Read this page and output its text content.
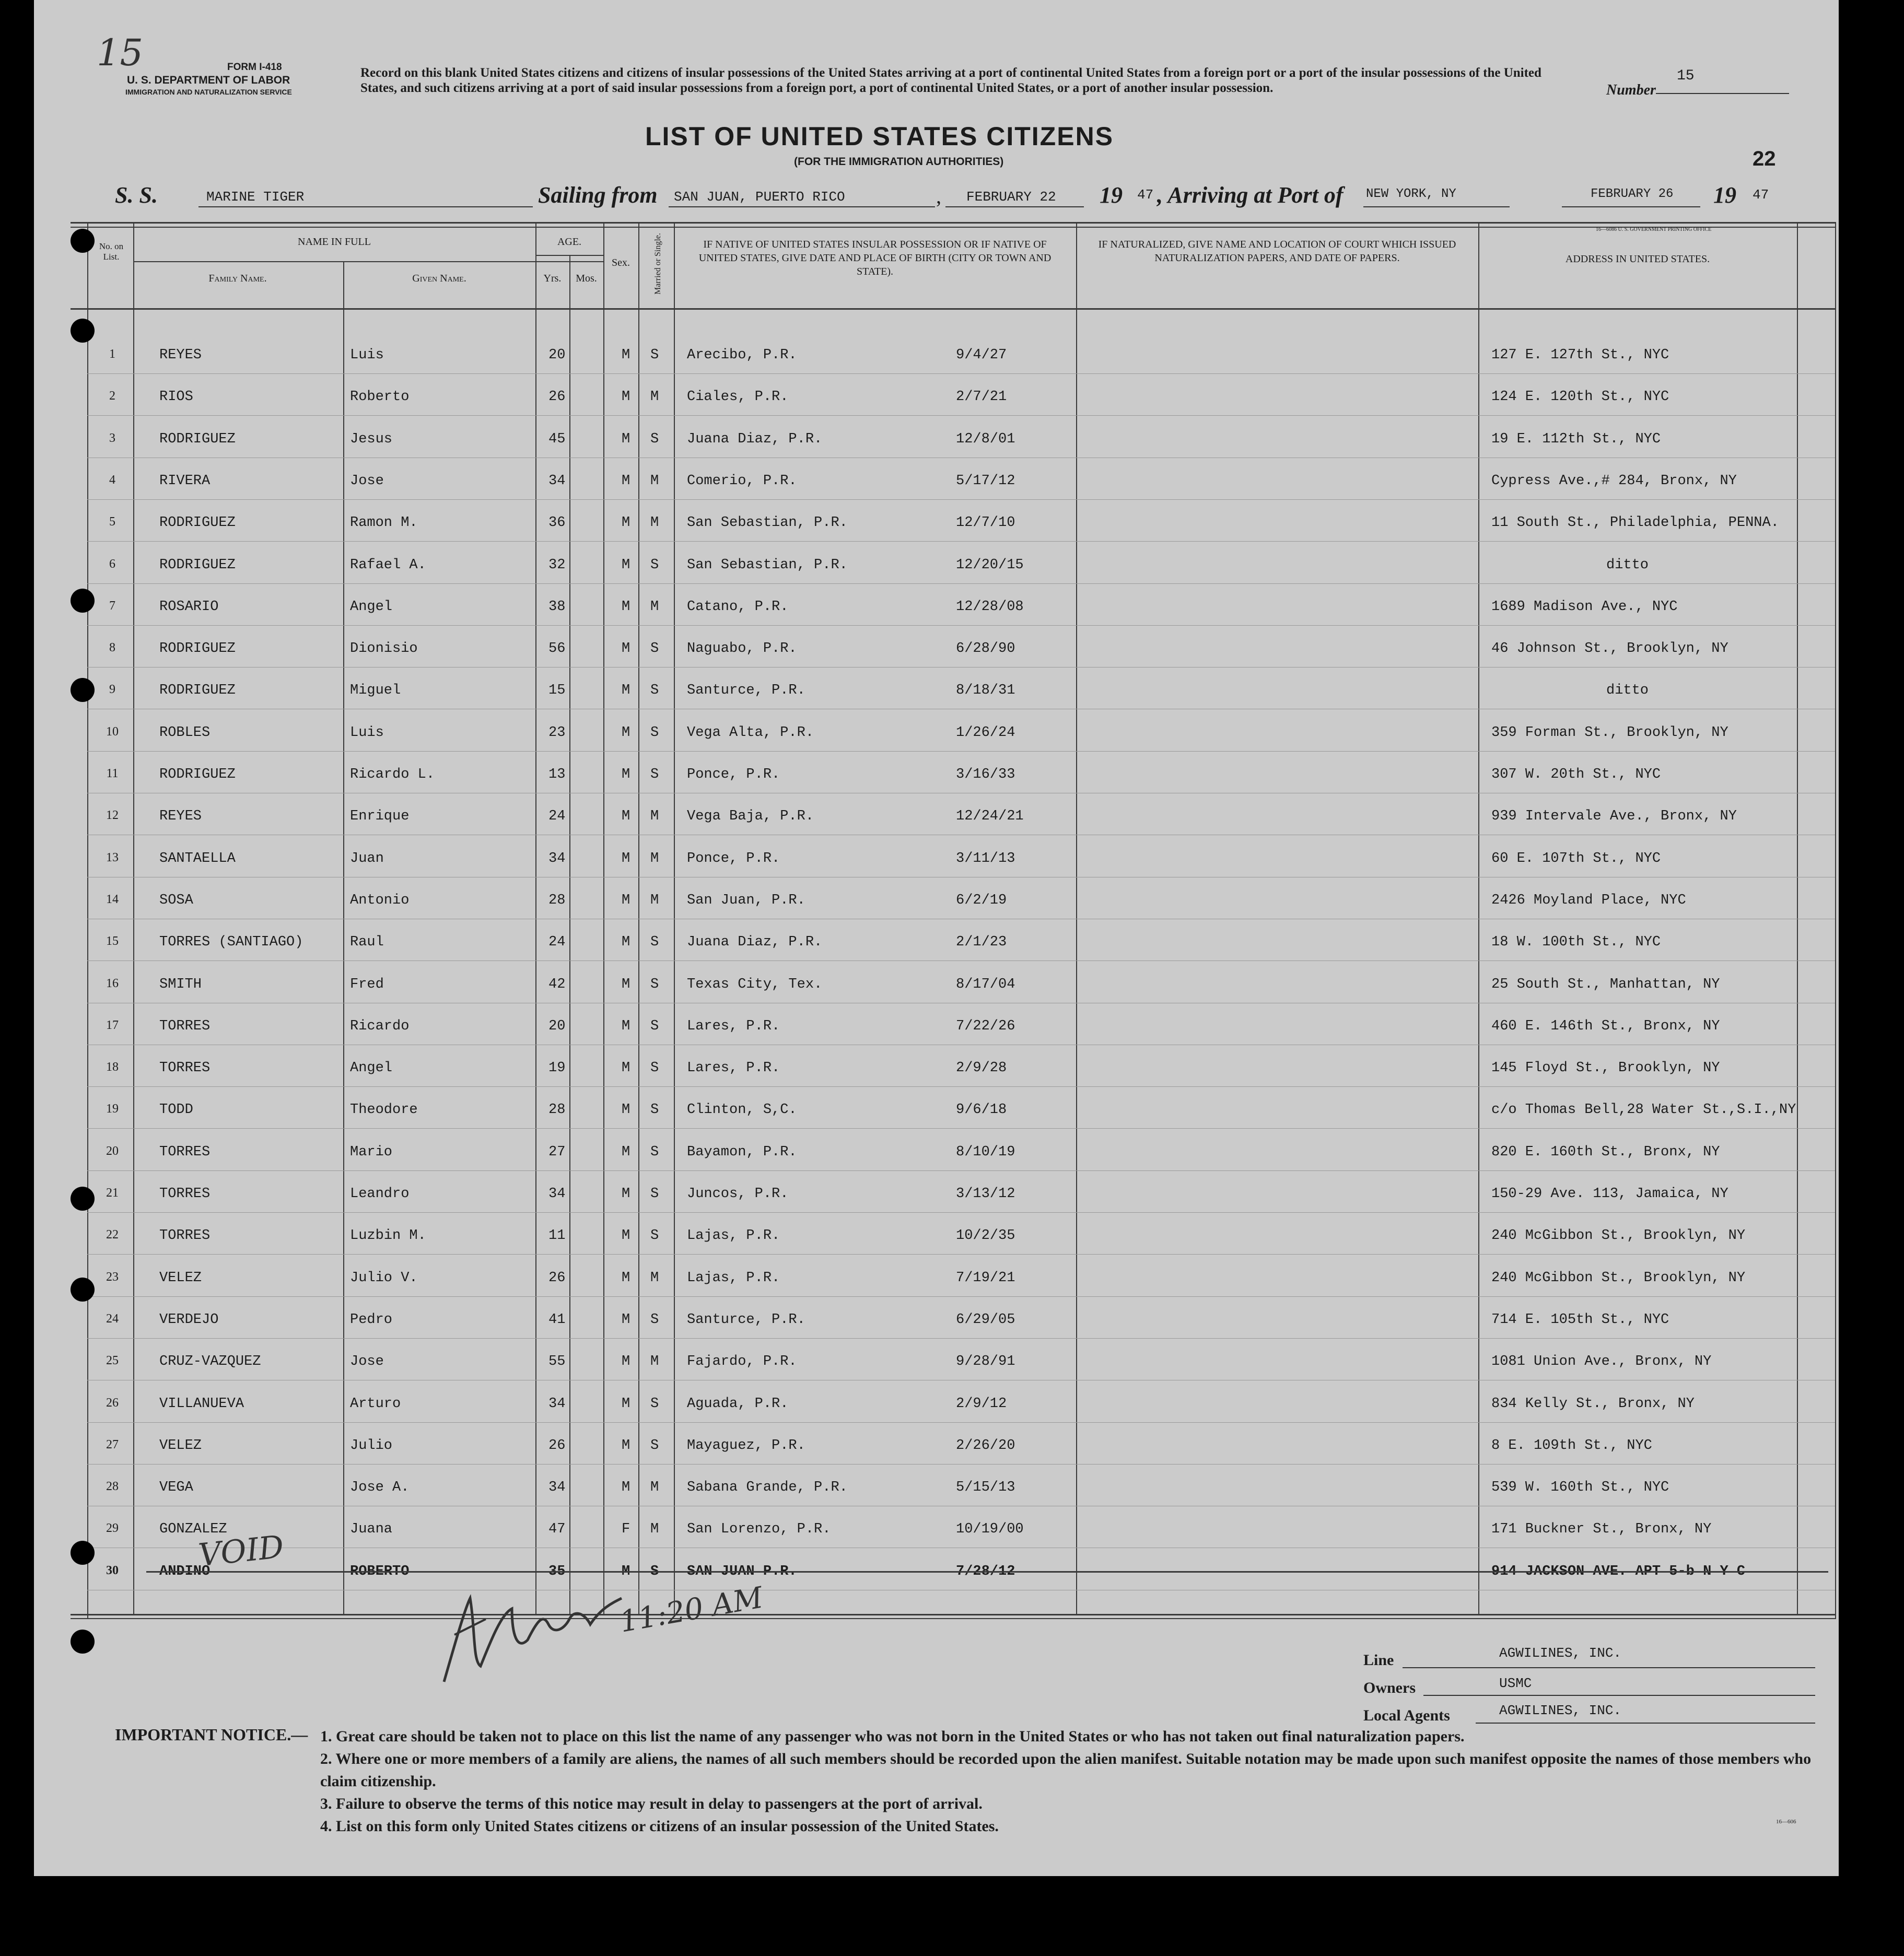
15	FORM I-418
U. S. DEPARTMENT OF LABOR
IMMIGRATION AND NATURALIZATION SERVICE
Record on this blank United States citizens and citizens of insular possessions of the United States arriving at a port of continental United States from a foreign port or a port of the insular possessions of the United States, and such citizens arriving at a port of said insular possessions from a foreign port, a port of continental United States, or a port of another insular possession.	Number
15
LIST OF UNITED STATES CITIZENS
(FOR THE IMMIGRATION AUTHORITIES)	22
S. S.	MARINE TIGER	Sailing from SAN JUAN, PUERTO RICO	, FEBRUARY 22 19 47 , Arriving at Port of NEW YORK, NY	FEBRUARY 26 19 47
No. on List.
NAME IN FULL
Family Name.	Given Name.
AGE.
Yrs.	Mos.
Sex.	Married or Single.	IF NATIVE OF UNITED STATES INSULAR POSSESSION OR IF NATIVE OF UNITED STATES, GIVE DATE AND PLACE OF BIRTH (CITY OR TOWN AND STATE).
IF NATURALIZED, GIVE NAME AND LOCATION OF COURT WHICH ISSUED NATURALIZATION PAPERS, AND DATE OF PAPERS.	ADDRESS IN UNITED STATES.
16—6086 U. S. GOVERNMENT PRINTING OFFICE
1	REYES	Luis	20	M S Arecibo, P.R.	9/4/27	127 E. 127th St., NYC
2	RIOS	Roberto	26	M M Ciales, P.R.	2/7/21	124 E. 120th St., NYC
3	RODRIGUEZ	Jesus	45	M S Juana Diaz, P.R.	12/8/01	19 E. 112th St., NYC
4	RIVERA	Jose	34	M M Comerio, P.R.	5/17/12	Cypress Ave.,# 284, Bronx, NY
5	RODRIGUEZ	Ramon M.	36	M M San Sebastian, P.R.	12/7/10	11 South St., Philadelphia, PENNA.
6	RODRIGUEZ	Rafael A.	32	M S San Sebastian, P.R.	12/20/15	ditto
7	ROSARIO	Angel	38	M M Catano, P.R.	12/28/08	1689 Madison Ave., NYC
8	RODRIGUEZ	Dionisio	56	M S Naguabo, P.R.	6/28/90	46 Johnson St., Brooklyn, NY
9	RODRIGUEZ	Miguel	15	M S Santurce, P.R.	8/18/31	ditto
10	ROBLES	Luis	23	M S Vega Alta, P.R.	1/26/24	359 Forman St., Brooklyn, NY
11	RODRIGUEZ	Ricardo L.	13	M S Ponce, P.R.	3/16/33	307 W. 20th St., NYC
12	REYES	Enrique	24	M M Vega Baja, P.R.	12/24/21	939 Intervale Ave., Bronx, NY
13	SANTAELLA	Juan	34	M M Ponce, P.R.	3/11/13	60 E. 107th St., NYC
14	SOSA	Antonio	28	M M San Juan, P.R.	6/2/19	2426 Moyland Place, NYC
15	TORRES (SANTIAGO)	Raul	24	M S Juana Diaz, P.R.	2/1/23	18 W. 100th St., NYC
16	SMITH	Fred	42	M S Texas City, Tex.	8/17/04	25 South St., Manhattan, NY
17	TORRES	Ricardo	20	M S Lares, P.R.	7/22/26	460 E. 146th St., Bronx, NY
18	TORRES	Angel	19	M S Lares, P.R.	2/9/28	145 Floyd St., Brooklyn, NY
19	TODD	Theodore	28	M S Clinton, S,C.	9/6/18	c/o Thomas Bell,28 Water St.,S.I.,NY
20	TORRES	Mario	27	M S Bayamon, P.R.	8/10/19	820 E. 160th St., Bronx, NY
21	TORRES	Leandro	34	M S Juncos, P.R.	3/13/12	150-29 Ave. 113, Jamaica, NY
22	TORRES	Luzbin M.	11	M S Lajas, P.R.	10/2/35	240 McGibbon St., Brooklyn, NY
23	VELEZ	Julio V.	26	M M Lajas, P.R.	7/19/21	240 McGibbon St., Brooklyn, NY
24	VERDEJO	Pedro	41	M S Santurce, P.R.	6/29/05	714 E. 105th St., NYC
25	CRUZ-VAZQUEZ	Jose	55	M M Fajardo, P.R.	9/28/91	1081 Union Ave., Bronx, NY
26	VILLANUEVA	Arturo	34	M S Aguada, P.R.	2/9/12	834 Kelly St., Bronx, NY
27	VELEZ	Julio	26	M S Mayaguez, P.R.	2/26/20	8 E. 109th St., NYC
28	VEGA	Jose A.	34	M M Sabana Grande, P.R.	5/15/13	539 W. 160th St., NYC
29	GONZALEZ	Juana	47	F M San Lorenzo, P.R.	10/19/00	171 Buckner St., Bronx, NY
30	ANDINO	ROBERTO	35	M S SAN JUAN P.R.	7/28/12	914 JACKSON AVE. APT 5-b N Y C
VOID
11:20 AM
Line	AGWILINES, INC.
Owners	USMC
Local Agents	AGWILINES, INC.
IMPORTANT NOTICE.— 1. Great care should be taken not to place on this list the name of any passenger who was not born in the United States or who has not taken out final naturalization papers.
2. Where one or more members of a family are aliens, the names of all such members should be recorded upon the alien manifest. Suitable notation may be made upon such manifest opposite the names of those members who claim citizenship.
3. Failure to observe the terms of this notice may result in delay to passengers at the port of arrival.
4. List on this form only United States citizens or citizens of an insular possession of the United States.	16—606
